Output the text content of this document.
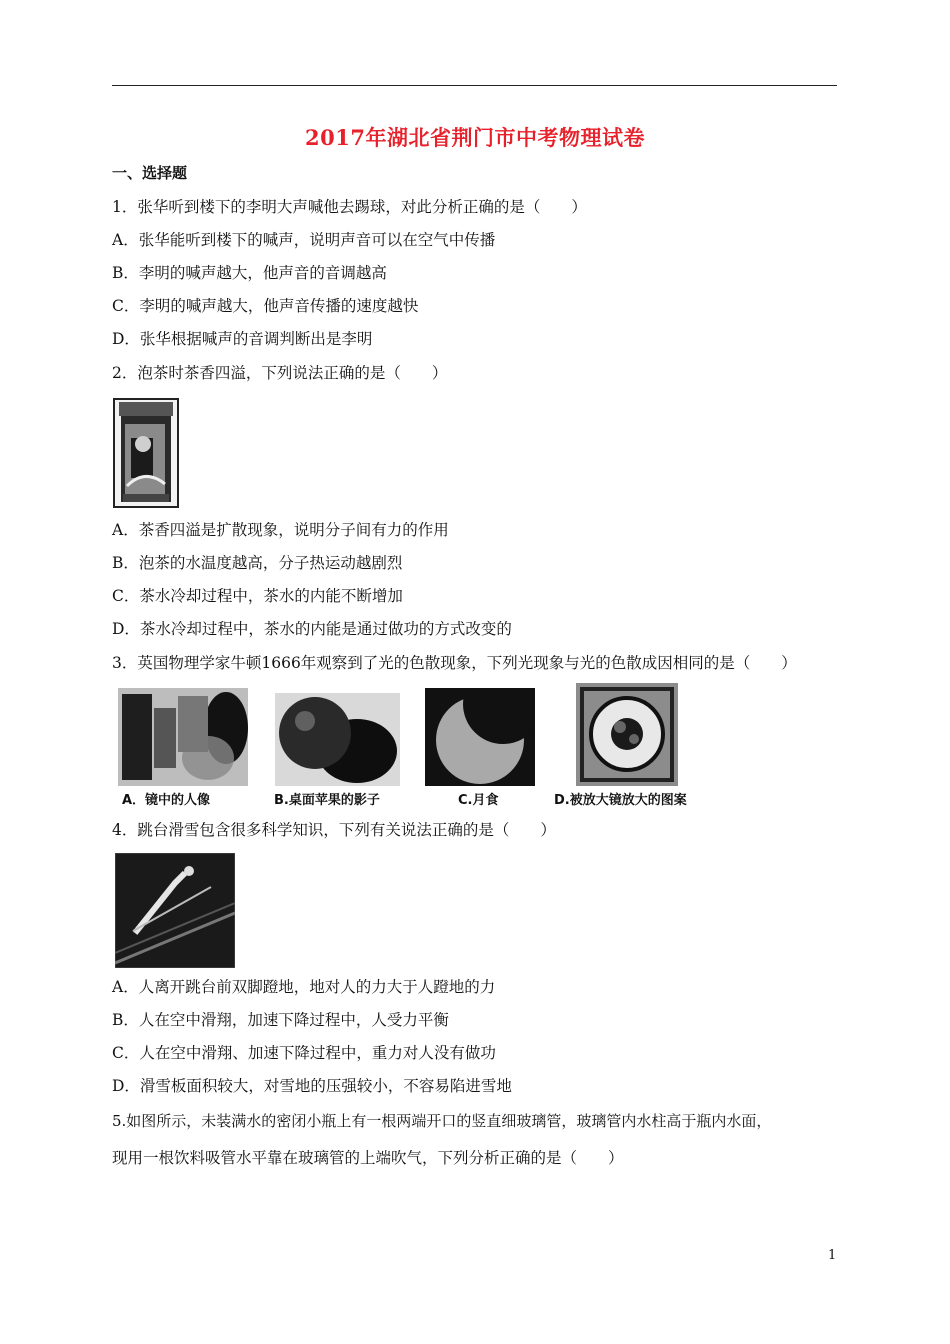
2017年湖北省荆门市中考物理试卷
一、选择题
1．张华听到楼下的李明大声喊他去踢球，对此分析正确的是（　　）
A．张华能听到楼下的喊声，说明声音可以在空气中传播
B．李明的喊声越大，他声音的音调越高
C．李明的喊声越大，他声音传播的速度越快
D．张华根据喊声的音调判断出是李明
2．泡茶时茶香四溢，下列说法正确的是（　　）
A．茶香四溢是扩散现象，说明分子间有力的作用
B．泡茶的水温度越高，分子热运动越剧烈
C．茶水冷却过程中，茶水的内能不断增加
D．茶水冷却过程中，茶水的内能是通过做功的方式改变的
3．英国物理学家牛顿1666年观察到了光的色散现象，下列光现象与光的色散成因相同的是（　　）
A．镜中的人像	B.桌面苹果的影子	C.月食	D.被放大镜放大的图案
4．跳台滑雪包含很多科学知识，下列有关说法正确的是（　　）
A．人离开跳台前双脚蹬地，地对人的力大于人蹬地的力
B．人在空中滑翔，加速下降过程中，人受力平衡
C．人在空中滑翔、加速下降过程中，重力对人没有做功
D．滑雪板面积较大，对雪地的压强较小，不容易陷进雪地
5.如图所示，未装满水的密闭小瓶上有一根两端开口的竖直细玻璃管，玻璃管内水柱高于瓶内水面，
现用一根饮料吸管水平靠在玻璃管的上端吹气，下列分析正确的是（　　）
1
